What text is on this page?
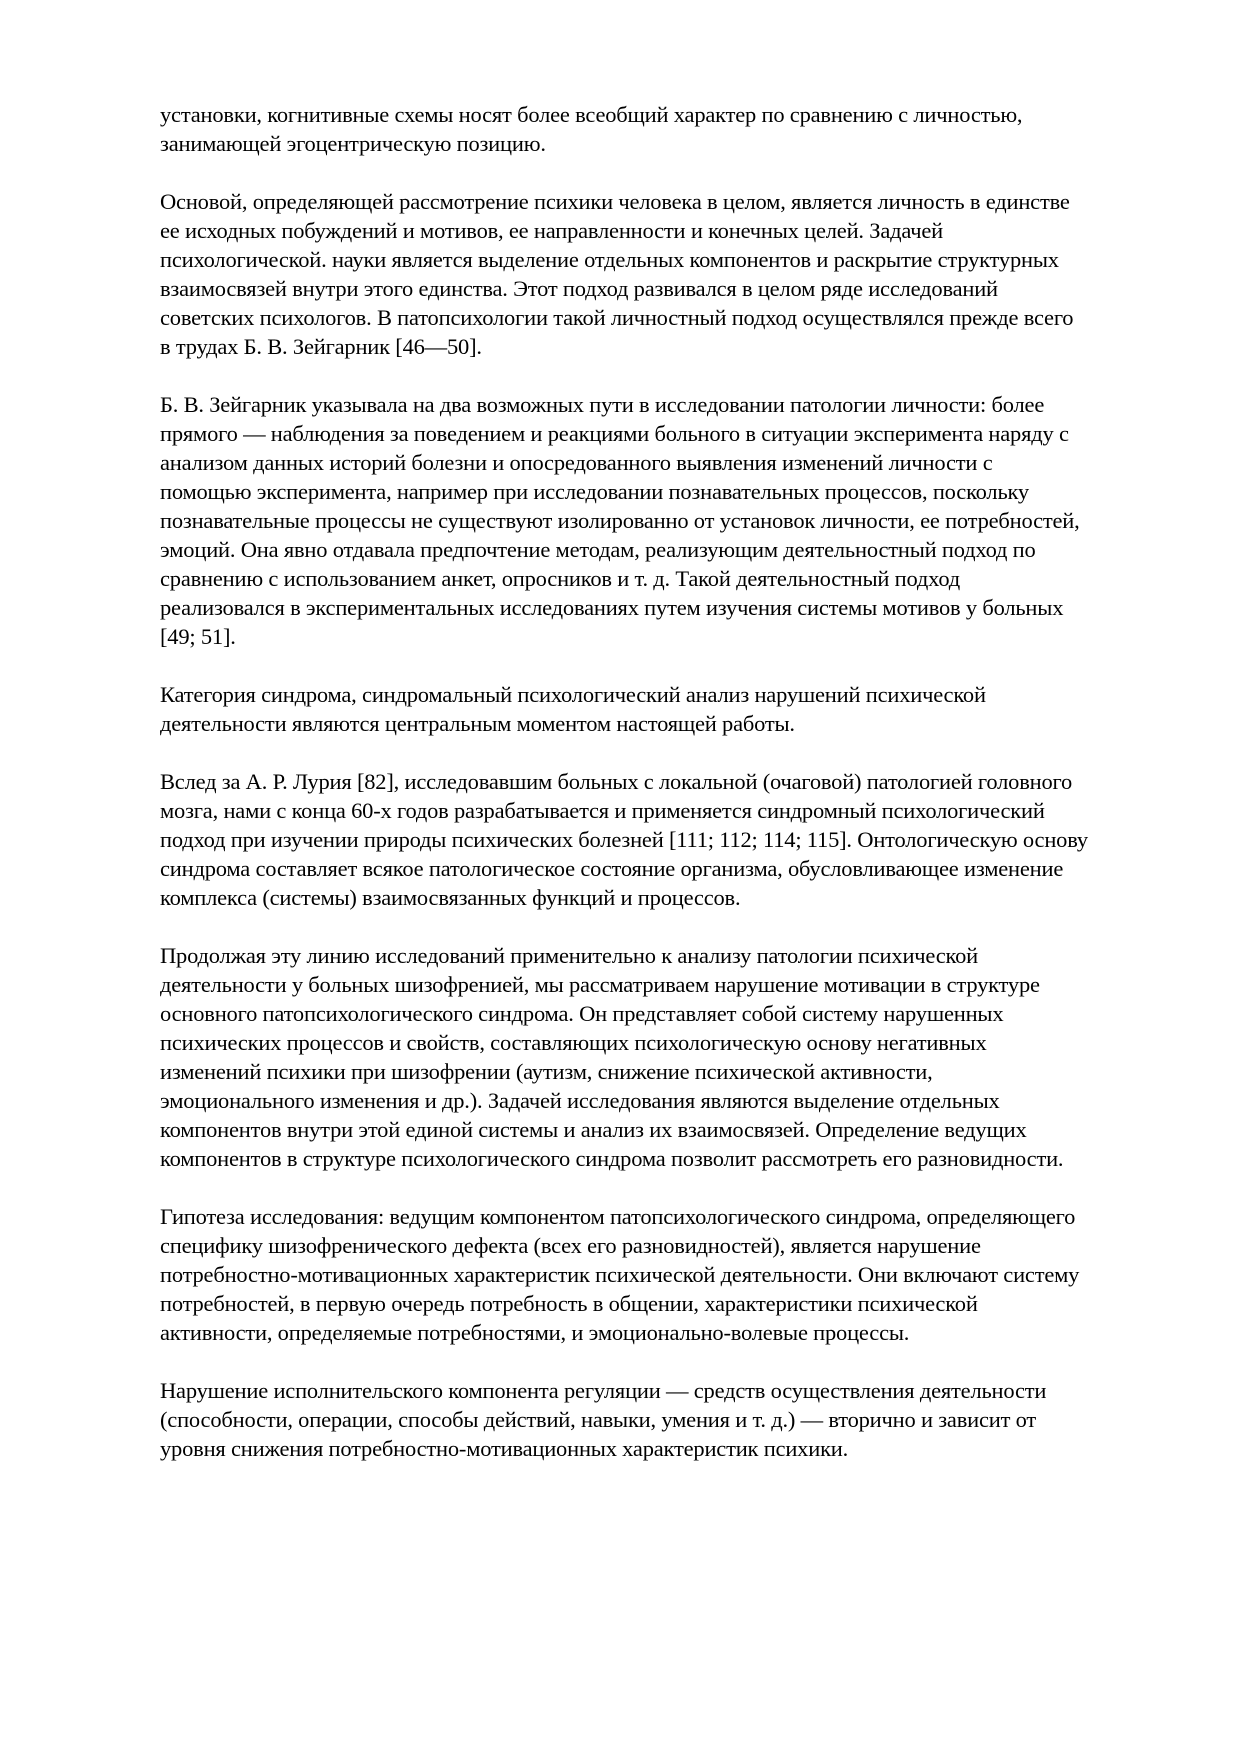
установки, когнитивные схемы носят более всеобщий характер по сравнению с личностью, занимающей эгоцентрическую позицию.

Основой, определяющей рассмотрение психики человека в целом, является личность в единстве ее исходных побуждений и мотивов, ее направленности и конечных целей. Задачей психологической. науки является выделение отдельных компонентов и раскрытие структурных взаимосвязей внутри этого единства. Этот подход развивался в целом ряде исследований советских психологов. В патопсихологии такой личностный подход осуществлялся прежде всего в трудах Б. В. Зейгарник [46—50].

Б. В. Зейгарник указывала на два возможных пути в исследовании патологии личности: более прямого — наблюдения за поведением и реакциями больного в ситуации эксперимента наряду с анализом данных историй болезни и опосредованного выявления изменений личности с помощью эксперимента, например при исследовании познавательных процессов, поскольку познавательные процессы не существуют изолированно от установок личности, ее потребностей, эмоций. Она явно отдавала предпочтение методам, реализующим деятельностный подход по сравнению с использованием анкет, опросников и т. д. Такой деятельностный подход реализовался в экспериментальных исследованиях путем изучения системы мотивов у больных [49; 51].

Категория синдрома, синдромальный психологический анализ нарушений психической деятельности являются центральным моментом настоящей работы.

Вслед за А. Р. Лурия [82], исследовавшим больных с локальной (очаговой) патологией головного мозга, нами с конца 60-х годов разрабатывается и применяется синдромный психологический подход при изучении природы психических болезней [111; 112; 114; 115]. Онтологическую основу синдрома составляет всякое патологическое состояние организма, обусловливающее изменение комплекса (системы) взаимосвязанных функций и процессов.

Продолжая эту линию исследований применительно к анализу патологии психической деятельности у больных шизофренией, мы рассматриваем нарушение мотивации в структуре основного патопсихологического синдрома. Он представляет собой систему нарушенных психических процессов и свойств, составляющих психологическую основу негативных изменений психики при шизофрении (аутизм, снижение психической активности, эмоционального изменения и др.). Задачей исследования являются выделение отдельных компонентов внутри этой единой системы и анализ их взаимосвязей. Определение ведущих компонентов в структуре психологического синдрома позволит рассмотреть его разновидности.

Гипотеза исследования: ведущим компонентом патопсихологического синдрома, определяющего специфику шизофренического дефекта (всех его разновидностей), является нарушение потребностно-мотивационных характеристик психической деятельности. Они включают систему потребностей, в первую очередь потребность в общении, характеристики психической активности, определяемые потребностями, и эмоционально-волевые процессы.

Нарушение исполнительского компонента регуляции — средств осуществления деятельности (способности, операции, способы действий, навыки, умения и т. д.) — вторично и зависит от уровня снижения потребностно-мотивационных характеристик психики.
